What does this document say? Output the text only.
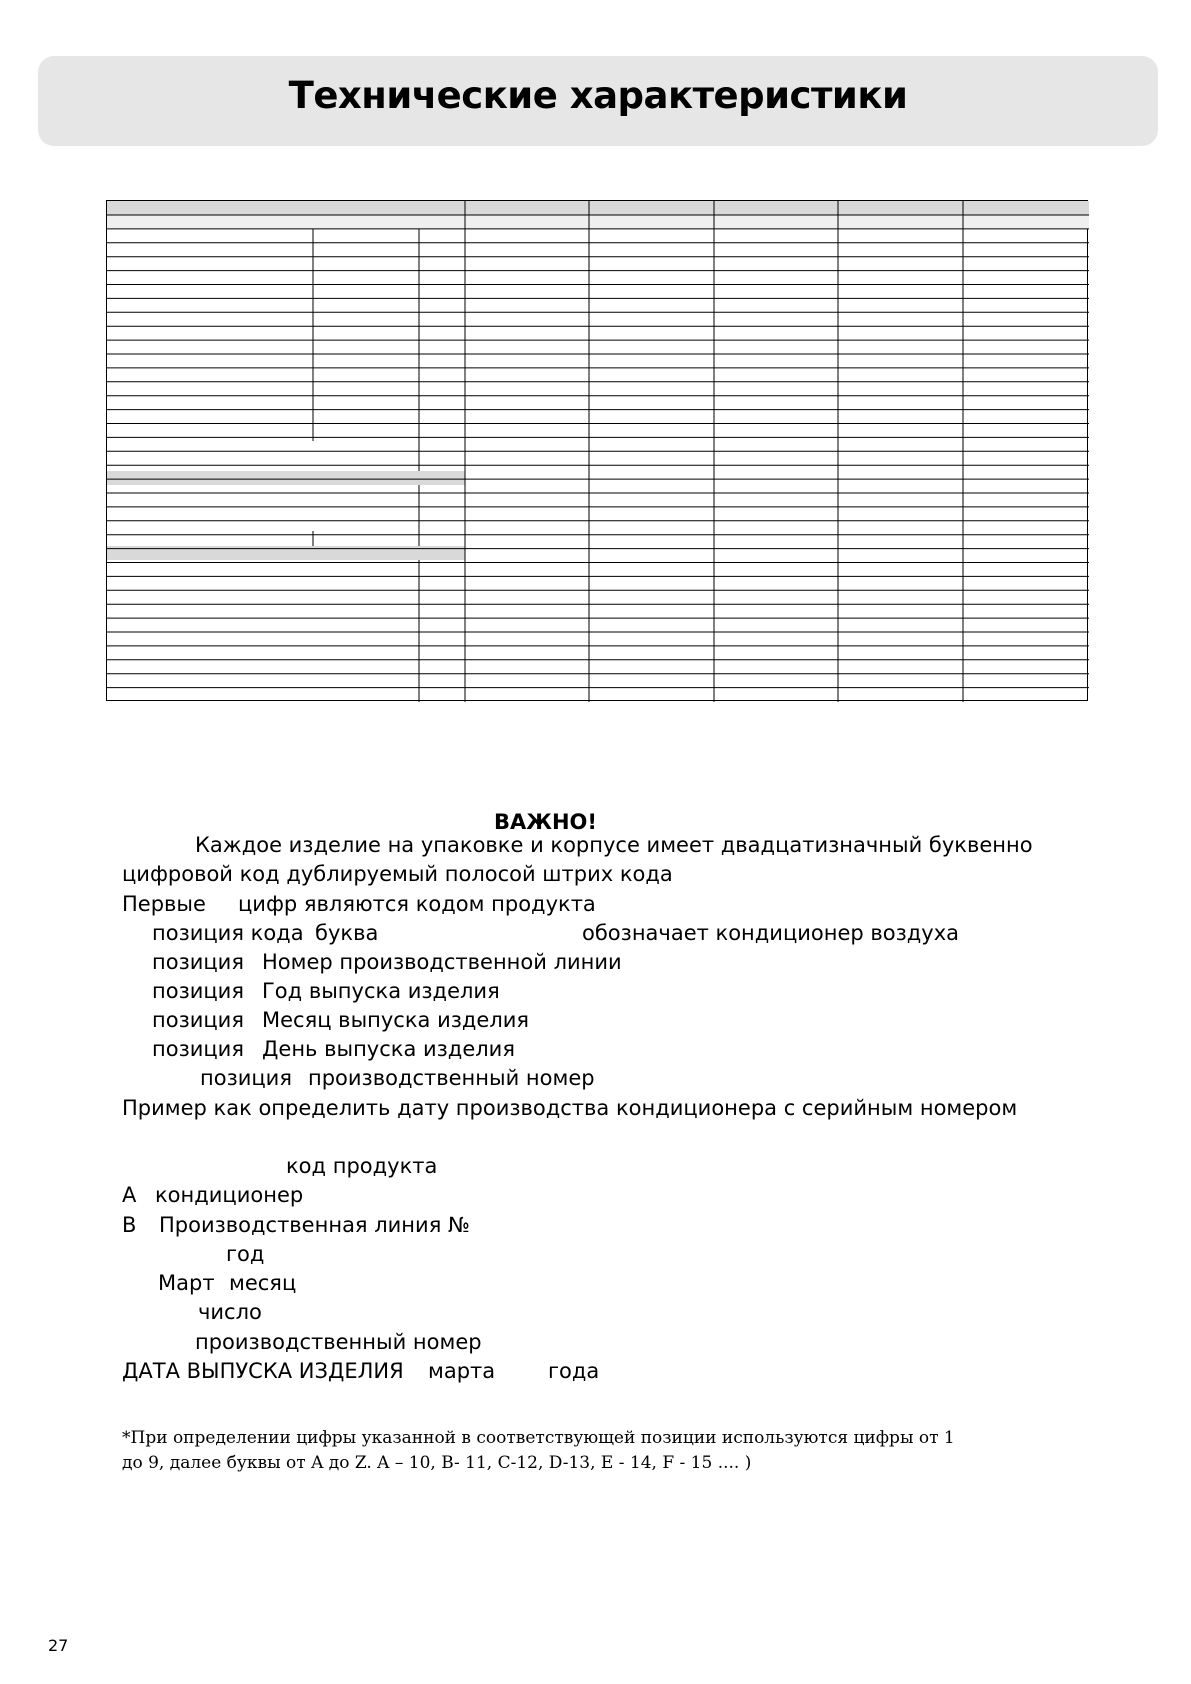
Технические характеристики
ВАЖНО!
Каждое изделие на упаковке и корпусе имеет двадцатизначный буквенно
цифровой код дублируемый полосой штрих кода
Первые цифр являются кодом продукта
позиция кода буква	обозначает кондиционер воздуха
позиция Номер производственной линии
позиция Год выпуска изделия
позиция Месяц выпуска изделия
позиция День выпуска изделия
позиция производственный номер
Пример как определить дату производства кондиционера с серийным номером
код продукта
A кондиционер
B Производственная линия №
год
Март месяц
число
производственный номер
ДАТА ВЫПУСКА ИЗДЕЛИЯ марта	года
*При определении цифры указанной в соответствующей позиции используются цифры от 1
до 9, далее буквы от A до Z. A – 10, B- 11, C-12, D-13, E - 14, F - 15 .... )
27
